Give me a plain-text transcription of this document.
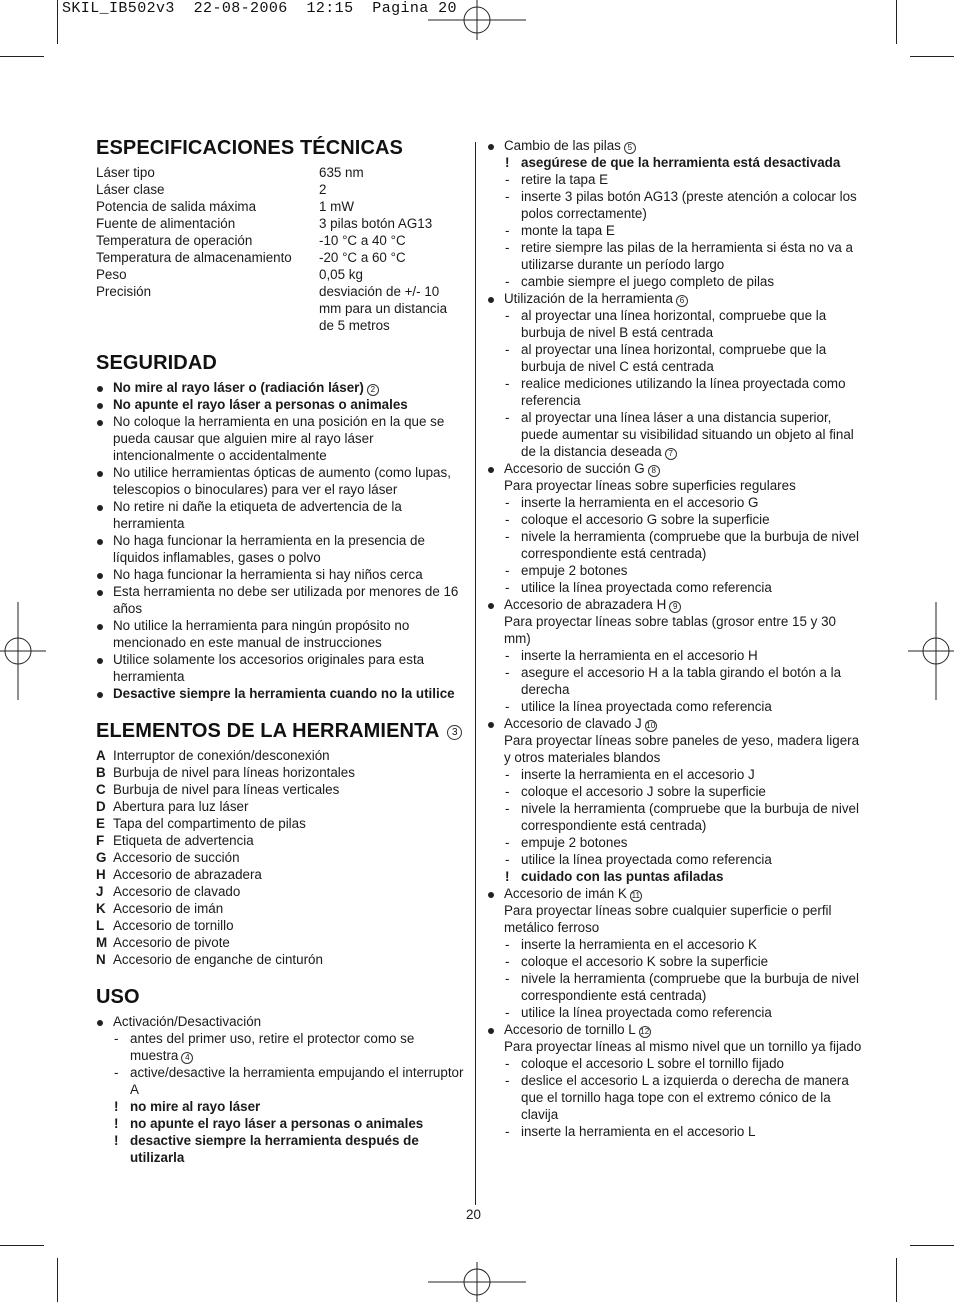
SKIL_IB502v3 22-08-2006 12:15 Pagina 20
ESPECIFICACIONES TÉCNICAS
Láser tipo	635 nm
Láser clase	2
Potencia de salida máxima	1 mW
Fuente de alimentación	3 pilas botón AG13
Temperatura de operación	-10 °C a 40 °C
Temperatura de almacenamiento	-20 °C a 60 °C
Peso	0,05 kg
Precisión	desviación de +/- 10 mm para un distancia de 5 metros
SEGURIDAD
No mire al rayo láser o (radiación láser) 2
No apunte el rayo láser a personas o animales
No coloque la herramienta en una posición en la que se pueda causar que alguien mire al rayo láser intencionalmente o accidentalmente
No utilice herramientas ópticas de aumento (como lupas, telescopios o binoculares) para ver el rayo láser
No retire ni dañe la etiqueta de advertencia de la herramienta
No haga funcionar la herramienta en la presencia de líquidos inflamables, gases o polvo
No haga funcionar la herramienta si hay niños cerca
Esta herramienta no debe ser utilizada por menores de 16 años
No utilice la herramienta para ningún propósito no mencionado en este manual de instrucciones
Utilice solamente los accesorios originales para esta herramienta
Desactive siempre la herramienta cuando no la utilice
ELEMENTOS DE LA HERRAMIENTA 3
A Interruptor de conexión/desconexión
B Burbuja de nivel para líneas horizontales
C Burbuja de nivel para líneas verticales
D Abertura para luz láser
E Tapa del compartimento de pilas
F Etiqueta de advertencia
G Accesorio de succión
H Accesorio de abrazadera
J Accesorio de clavado
K Accesorio de imán
L Accesorio de tornillo
M Accesorio de pivote
N Accesorio de enganche de cinturón
USO
Activación/Desactivación
- antes del primer uso, retire el protector como se muestra 4
- active/desactive la herramienta empujando el interruptor A
! no mire al rayo láser
! no apunte el rayo láser a personas o animales
! desactive siempre la herramienta después de utilizarla
Cambio de las pilas 5
! asegúrese de que la herramienta está desactivada
- retire la tapa E
- inserte 3 pilas botón AG13 (preste atención a colocar los polos correctamente)
- monte la tapa E
- retire siempre las pilas de la herramienta si ésta no va a utilizarse durante un período largo
- cambie siempre el juego completo de pilas
Utilización de la herramienta 6
- al proyectar una línea horizontal, compruebe que la burbuja de nivel B está centrada
- al proyectar una línea horizontal, compruebe que la burbuja de nivel C está centrada
- realice mediciones utilizando la línea proyectada como referencia
- al proyectar una línea láser a una distancia superior, puede aumentar su visibilidad situando un objeto al final de la distancia deseada 7
Accesorio de succión G 8
Para proyectar líneas sobre superficies regulares
- inserte la herramienta en el accesorio G
- coloque el accesorio G sobre la superficie
- nivele la herramienta (compruebe que la burbuja de nivel correspondiente está centrada)
- empuje 2 botones
- utilice la línea proyectada como referencia
Accesorio de abrazadera H 9
Para proyectar líneas sobre tablas (grosor entre 15 y 30 mm)
- inserte la herramienta en el accesorio H
- asegure el accesorio H a la tabla girando el botón a la derecha
- utilice la línea proyectada como referencia
Accesorio de clavado J 10
Para proyectar líneas sobre paneles de yeso, madera ligera y otros materiales blandos
- inserte la herramienta en el accesorio J
- coloque el accesorio J sobre la superficie
- nivele la herramienta (compruebe que la burbuja de nivel correspondiente está centrada)
- empuje 2 botones
- utilice la línea proyectada como referencia
! cuidado con las puntas afiladas
Accesorio de imán K 11
Para proyectar líneas sobre cualquier superficie o perfil metálico ferroso
- inserte la herramienta en el accesorio K
- coloque el accesorio K sobre la superficie
- nivele la herramienta (compruebe que la burbuja de nivel correspondiente está centrada)
- utilice la línea proyectada como referencia
Accesorio de tornillo L 12
Para proyectar líneas al mismo nivel que un tornillo ya fijado
- coloque el accesorio L sobre el tornillo fijado
- deslice el accesorio L a izquierda o derecha de manera que el tornillo haga tope con el extremo cónico de la clavija
- inserte la herramienta en el accesorio L
20
